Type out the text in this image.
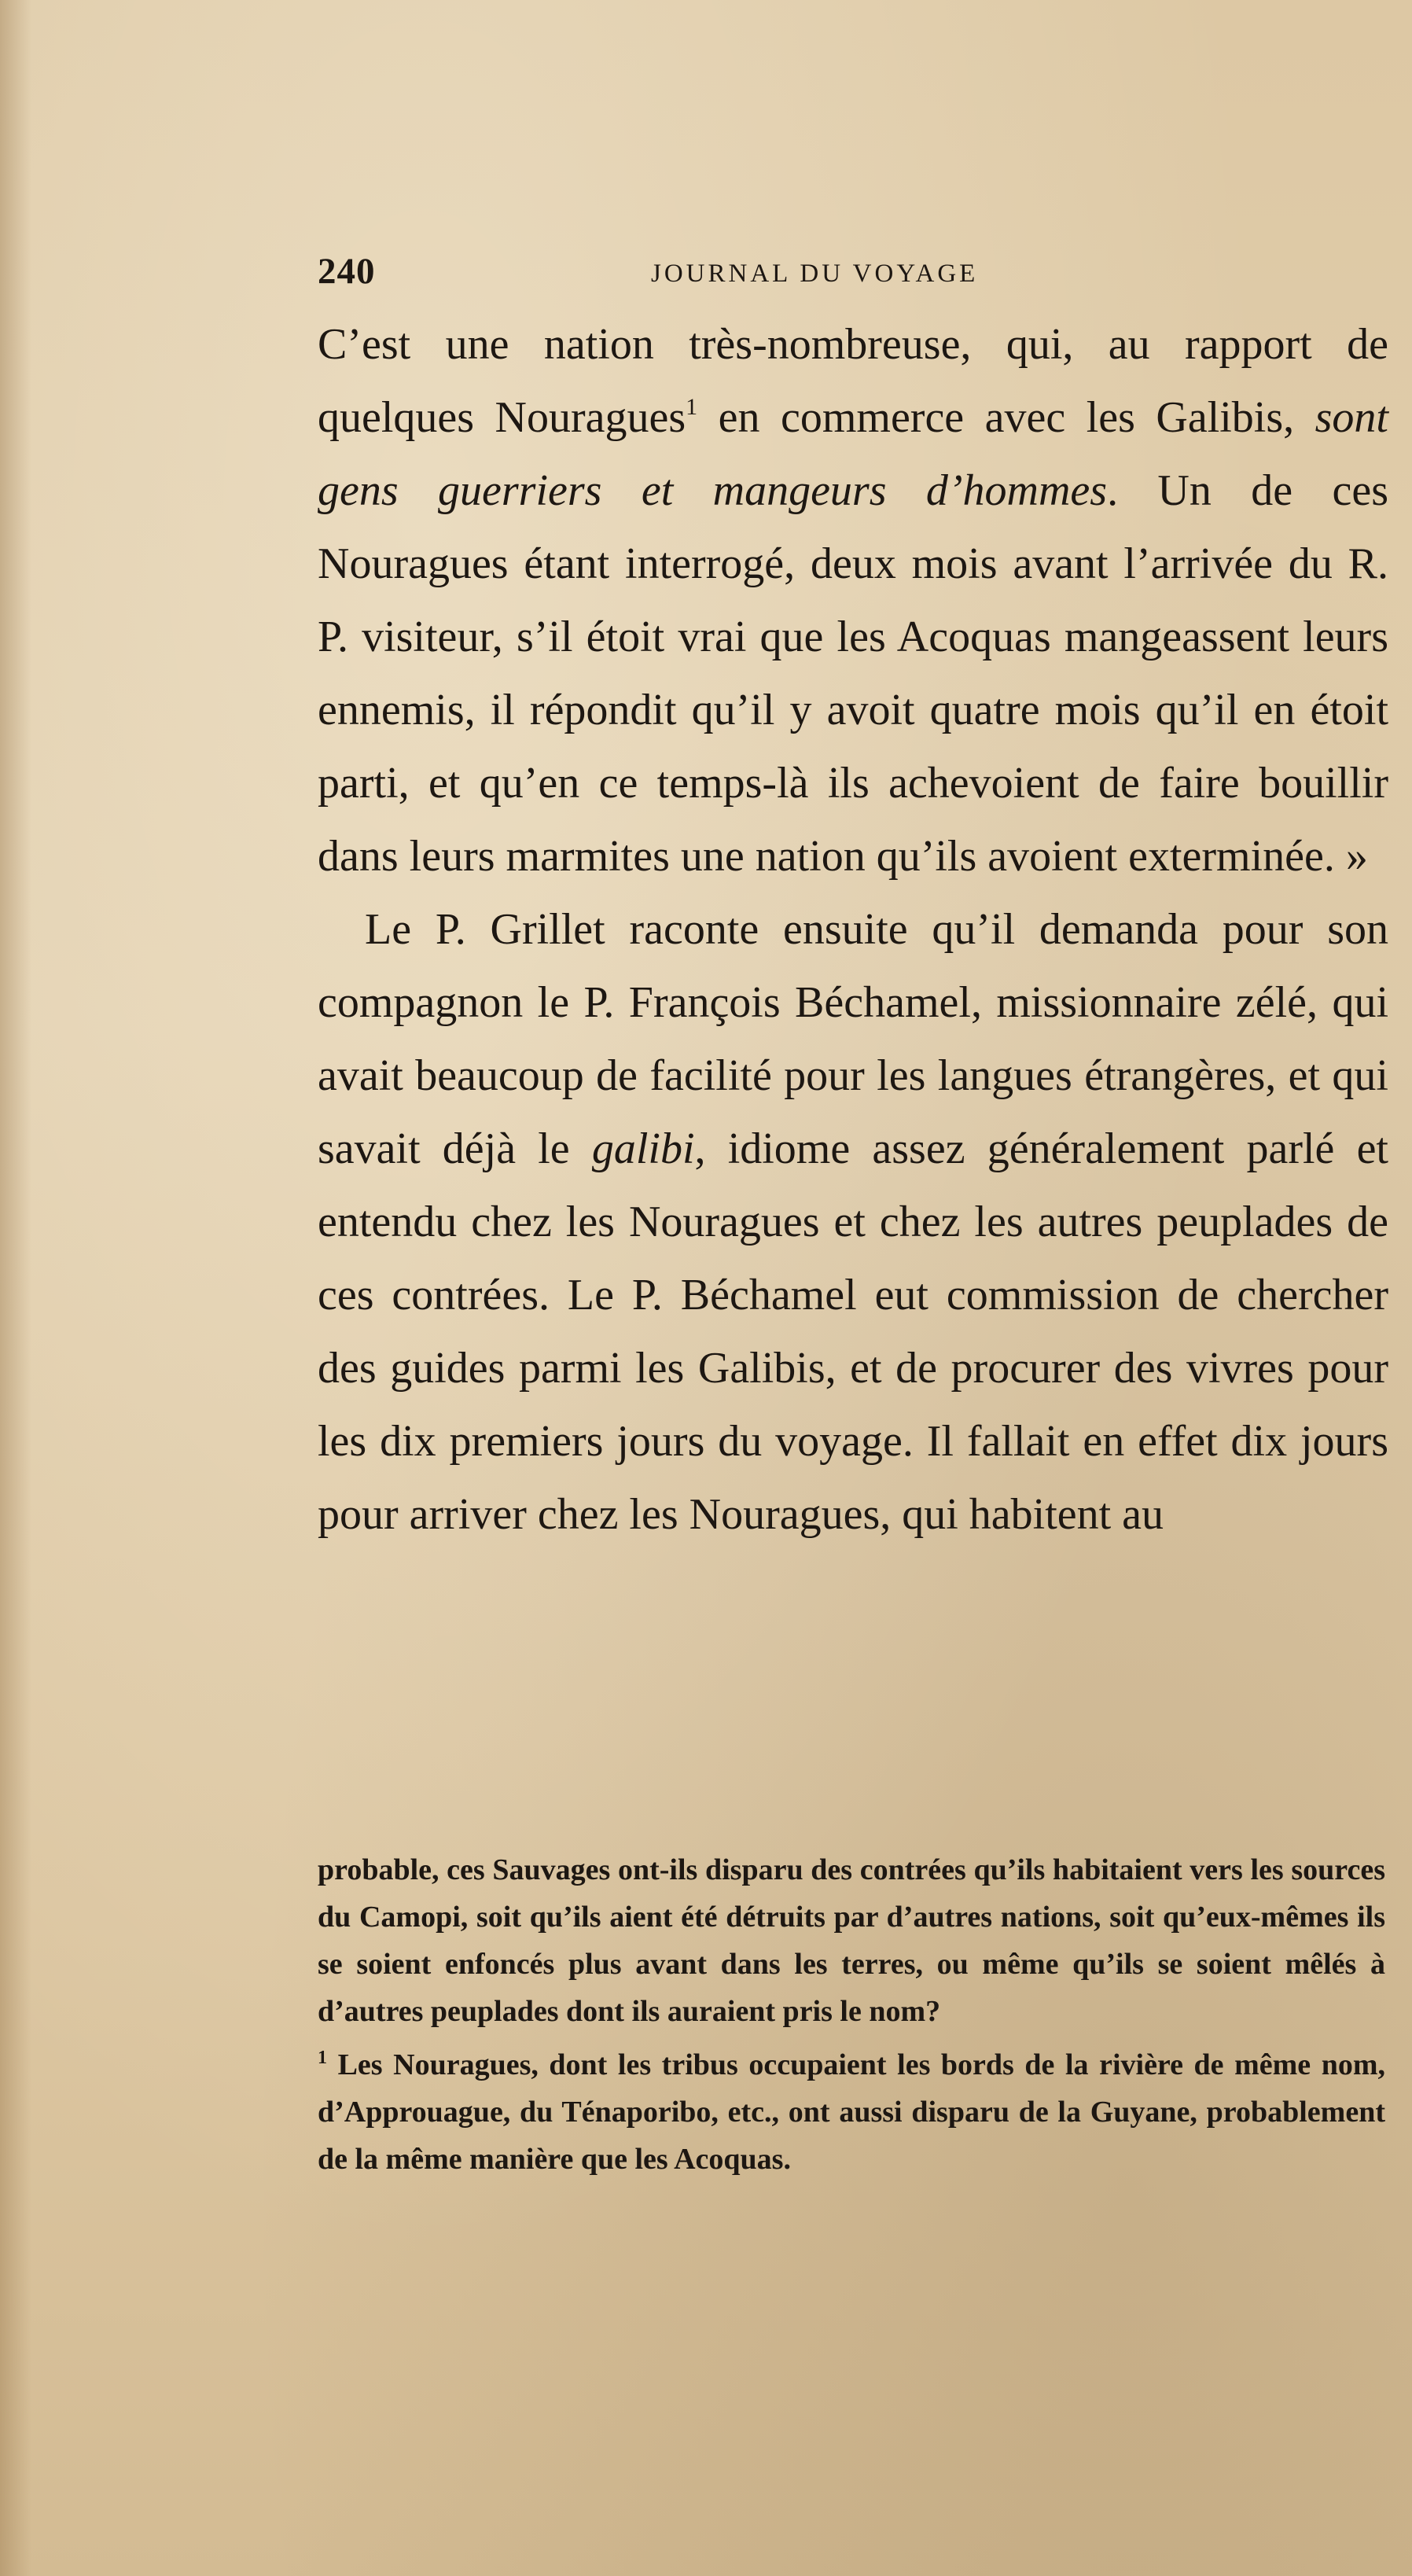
240	JOURNAL DU VOYAGE

C’est une nation très-nombreuse, qui, au rapport de quelques Nouragues$^1$ en commerce avec les Galibis, sont gens guerriers et mangeurs d’hommes. Un de ces Nouragues étant interrogé, deux mois avant l’arrivée du R. P. visiteur, s’il étoit vrai que les Acoquas mangeassent leurs ennemis, il répondit qu’il y avoit quatre mois qu’il en étoit parti, et qu’en ce temps-là ils achevoient de faire bouillir dans leurs marmites une nation qu’ils avoient exterminée. »

Le P. Grillet raconte ensuite qu’il demanda pour son compagnon le P. François Béchamel, missionnaire zélé, qui avait beaucoup de facilité pour les langues étrangères, et qui savait déjà le galibi, idiome assez généralement parlé et entendu chez les Nouragues et chez les autres peuplades de ces contrées. Le P. Béchamel eut commission de chercher des guides parmi les Galibis, et de procurer des vivres pour les dix premiers jours du voyage. Il fallait en effet dix jours pour arriver chez les Nouragues, qui habitent au

probable, ces Sauvages ont-ils disparu des contrées qu’ils habitaient vers les sources du Camopi, soit qu’ils aient été détruits par d’autres nations, soit qu’eux-mêmes ils se soient enfoncés plus avant dans les terres, ou même qu’ils se soient mêlés à d’autres peuplades dont ils auraient pris le nom?

$^1$ Les Nouragues, dont les tribus occupaient les bords de la rivière de même nom, d’Approuague, du Ténaporibo, etc., ont aussi disparu de la Guyane, probablement de la même manière que les Acoquas.
